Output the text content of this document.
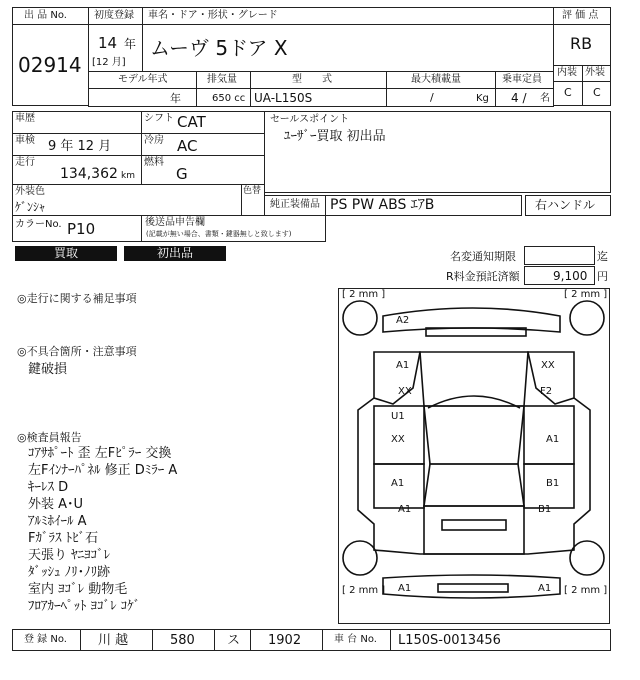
出 品 No.
02914
初度登録 車名・ドア・形状・グレード
14 年
[12 月]
ムーヴ 5ドア X
評 価 点
RB
内装 外装
C C
モデル年式	排気量	型　　式	最大積載量	乗車定員
年	650 cc UA-L150S	/	Kg 4 / 名
車歴	シフト CAT
車検 9 年 12 月	冷房 AC
走行
134,362 km
燃料
G
外装色
ｹﾞﾝｼｬ
色替
カラーNo. P10	後送品申告欄
(記載が無い場合、書類・鍵器無しと致します)
セールスポイント
ﾕｰｻﾞｰ買取 初出品
純正装備品 PS PW ABS ｴｱB	右ハンドル
買取	初出品	名変通知期限	迄
R料金預託済額	9,100 円
◎走行に関する補足事項
◎不具合箇所・注意事項
鍵破損
◎検査員報告
ｺｱｻﾎﾟｰﾄ 歪 左Fﾋﾟﾗｰ 交換
左Fｲﾝﾅｰﾊﾟﾈﾙ 修正 Dﾐﾗｰ A
ｷｰﾚｽ D
外装 A･U
ｱﾙﾐﾎｲｰﾙ A
Fｶﾞﾗｽ ﾄﾋﾞ石
天張り ﾔﾆﾖｺﾞﾚ
ﾀﾞｯｼｭ ﾉﾘ･ﾉﾘ跡
室内 ﾖｺﾞﾚ 動物毛
ﾌﾛｱｶｰﾍﾟｯﾄ ﾖｺﾞﾚ ｺｹﾞ
[ 2 mm ]	[ 2 mm ]
[ 2 mm ]	[ 2 mm ]
A2
A1
XX
XX
F2
U1
XX	A1
A1	B1
A1	B1
A1	A1
登 録 No. 川 越	580 ス 1902	車 台 No. L150S-0013456
